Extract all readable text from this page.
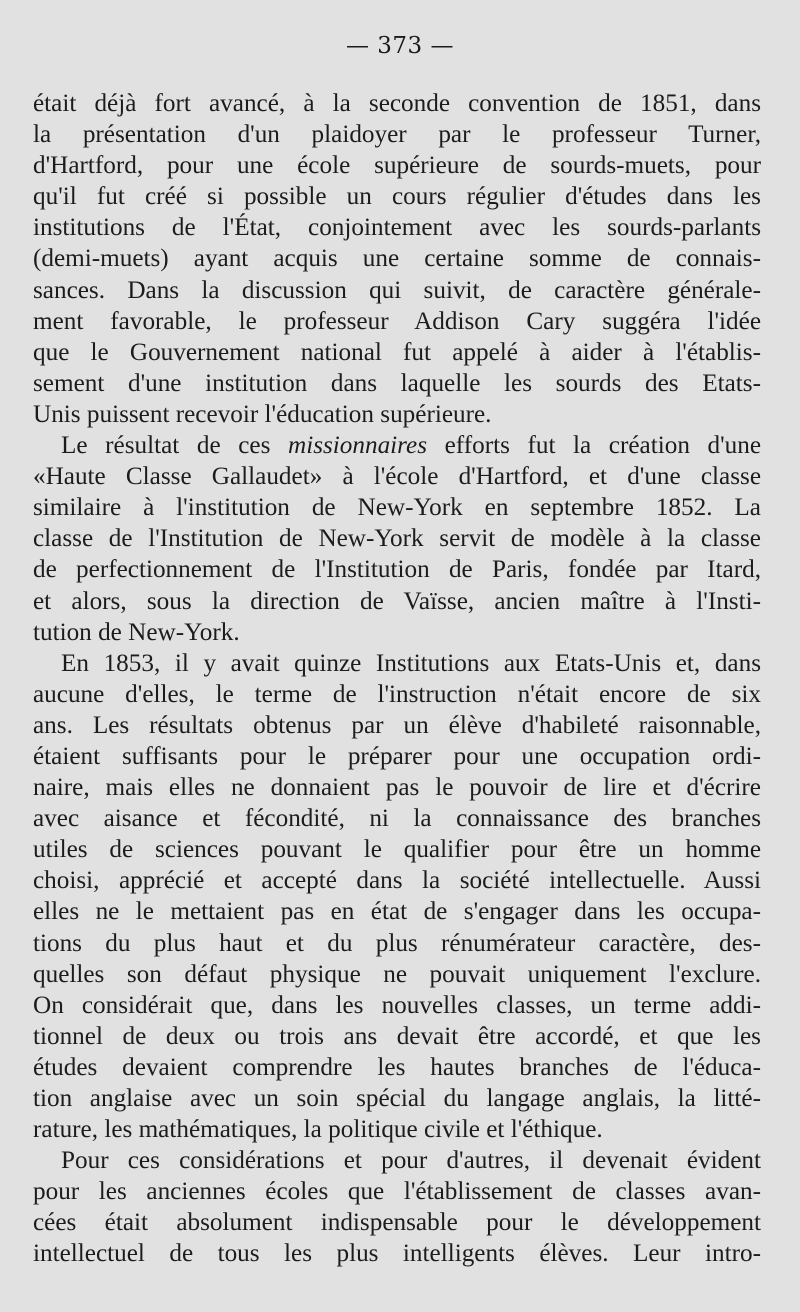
— 373 —

était déjà fort avancé, à la seconde convention de 1851, dans
la présentation d'un plaidoyer par le professeur Turner,
d'Hartford, pour une école supérieure de sourds-muets, pour
qu'il fut créé si possible un cours régulier d'études dans les
institutions de l'État, conjointement avec les sourds-parlants
(demi-muets) ayant acquis une certaine somme de connais-
sances. Dans la discussion qui suivit, de caractère générale-
ment favorable, le professeur Addison Cary suggéra l'idée
que le Gouvernement national fut appelé à aider à l'établis-
sement d'une institution dans laquelle les sourds des Etats-
Unis puissent recevoir l'éducation supérieure.

Le résultat de ces missionnaires efforts fut la création d'une
«Haute Classe Gallaudet» à l'école d'Hartford, et d'une classe
similaire à l'institution de New-York en septembre 1852. La
classe de l'Institution de New-York servit de modèle à la classe
de perfectionnement de l'Institution de Paris, fondée par Itard,
et alors, sous la direction de Vaïsse, ancien maître à l'Insti-
tution de New-York.

En 1853, il y avait quinze Institutions aux Etats-Unis et, dans
aucune d'elles, le terme de l'instruction n'était encore de six
ans. Les résultats obtenus par un élève d'habileté raisonnable,
étaient suffisants pour le préparer pour une occupation ordi-
naire, mais elles ne donnaient pas le pouvoir de lire et d'écrire
avec aisance et fécondité, ni la connaissance des branches
utiles de sciences pouvant le qualifier pour être un homme
choisi, apprécié et accepté dans la société intellectuelle. Aussi
elles ne le mettaient pas en état de s'engager dans les occupa-
tions du plus haut et du plus rénumérateur caractère, des-
quelles son défaut physique ne pouvait uniquement l'exclure.
On considérait que, dans les nouvelles classes, un terme addi-
tionnel de deux ou trois ans devait être accordé, et que les
études devaient comprendre les hautes branches de l'éduca-
tion anglaise avec un soin spécial du langage anglais, la litté-
rature, les mathématiques, la politique civile et l'éthique.

Pour ces considérations et pour d'autres, il devenait évident
pour les anciennes écoles que l'établissement de classes avan-
cées était absolument indispensable pour le développement
intellectuel de tous les plus intelligents élèves. Leur intro-
